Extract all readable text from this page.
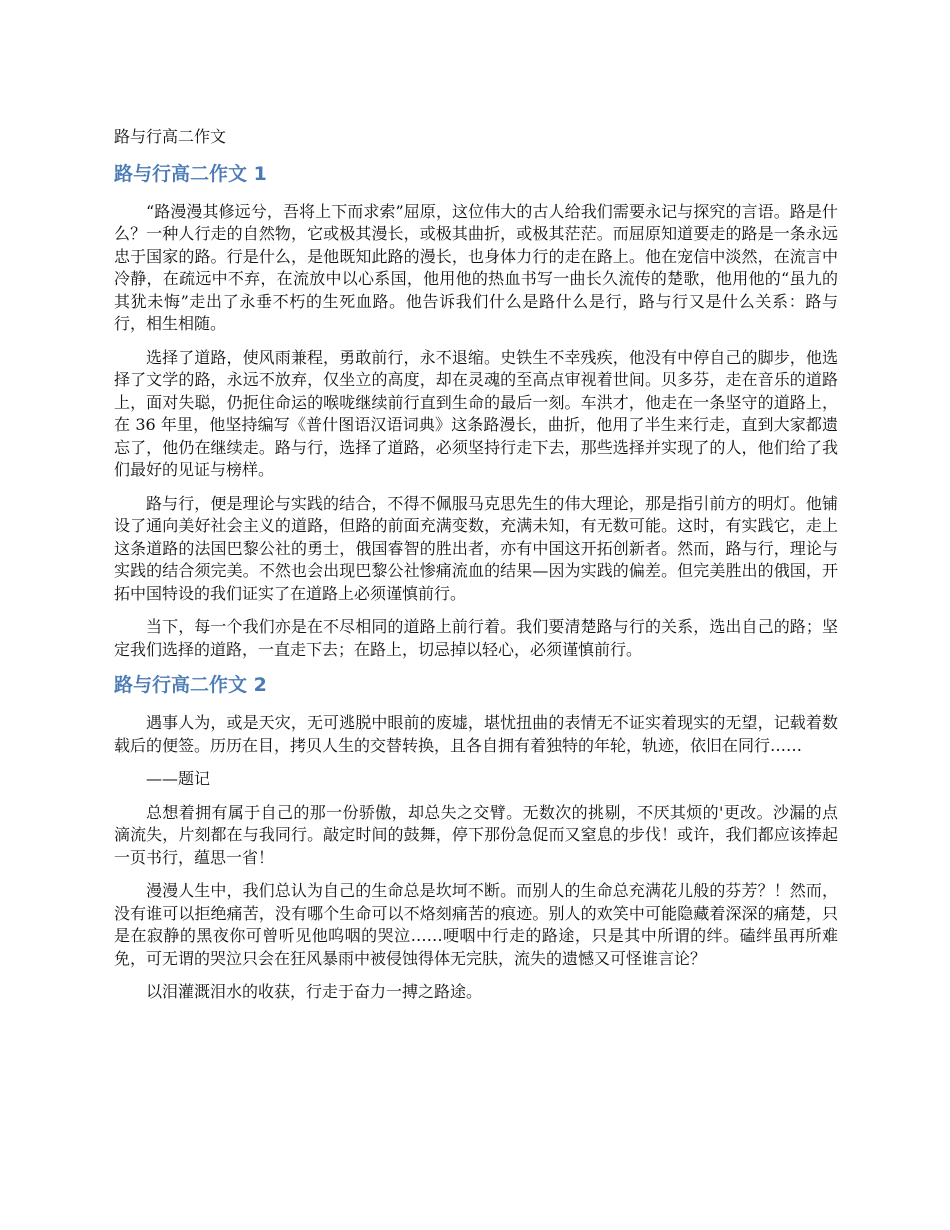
路与行高二作文
路与行高二作文 1

“路漫漫其修远兮，吾将上下而求索”屈原，这位伟大的古人给我们需要永记与探究的言语。路是什么？一种人行走的自然物，它或极其漫长，或极其曲折，或极其茫茫。而屈原知道要走的路是一条永远忠于国家的路。行是什么，是他既知此路的漫长，也身体力行的走在路上。他在宠信中淡然，在流言中冷静，在疏远中不弃，在流放中以心系国，他用他的热血书写一曲长久流传的楚歌，他用他的“虽九的其犹未悔”走出了永垂不朽的生死血路。他告诉我们什么是路什么是行，路与行又是什么关系：路与行，相生相随。

选择了道路，使风雨兼程，勇敢前行，永不退缩。史铁生不幸残疾，他没有中停自己的脚步，他选择了文学的路，永远不放弃，仅坐立的高度，却在灵魂的至高点审视着世间。贝多芬，走在音乐的道路上，面对失聪，仍扼住命运的喉咙继续前行直到生命的最后一刻。车洪才，他走在一条坚守的道路上，在 36 年里，他坚持编写《普什图语汉语词典》这条路漫长，曲折，他用了半生来行走，直到大家都遗忘了，他仍在继续走。路与行，选择了道路，必须坚持行走下去，那些选择并实现了的人，他们给了我们最好的见证与榜样。

路与行，便是理论与实践的结合，不得不佩服马克思先生的伟大理论，那是指引前方的明灯。他铺设了通向美好社会主义的道路，但路的前面充满变数，充满未知，有无数可能。这时，有实践它，走上这条道路的法国巴黎公社的勇士，俄国睿智的胜出者，亦有中国这开拓创新者。然而，路与行，理论与实践的结合须完美。不然也会出现巴黎公社惨痛流血的结果—因为实践的偏差。但完美胜出的俄国，开拓中国特设的我们证实了在道路上必须谨慎前行。

当下，每一个我们亦是在不尽相同的道路上前行着。我们要清楚路与行的关系，选出自己的路；坚定我们选择的道路，一直走下去；在路上，切忌掉以轻心，必须谨慎前行。

路与行高二作文 2

遇事人为，或是天灾，无可逃脱中眼前的废墟，堪忧扭曲的表情无不证实着现实的无望，记载着数载后的便签。历历在目，拷贝人生的交替转换，且各自拥有着独特的年轮，轨迹，依旧在同行……

——题记

总想着拥有属于自己的那一份骄傲，却总失之交臂。无数次的挑剔，不厌其烦的'更改。沙漏的点滴流失，片刻都在与我同行。敲定时间的鼓舞，停下那份急促而又窒息的步伐！或许，我们都应该捧起一页书行，蕴思一省！

漫漫人生中，我们总认为自己的生命总是坎坷不断。而别人的生命总充满花儿般的芬芳？！然而，没有谁可以拒绝痛苦，没有哪个生命可以不烙刻痛苦的痕迹。别人的欢笑中可能隐藏着深深的痛楚，只是在寂静的黑夜你可曾听见他呜咽的哭泣……哽咽中行走的路途，只是其中所谓的绊。磕绊虽再所难免，可无谓的哭泣只会在狂风暴雨中被侵蚀得体无完肤，流失的遗憾又可怪谁言论？

以泪灌溉泪水的收获，行走于奋力一搏之路途。
